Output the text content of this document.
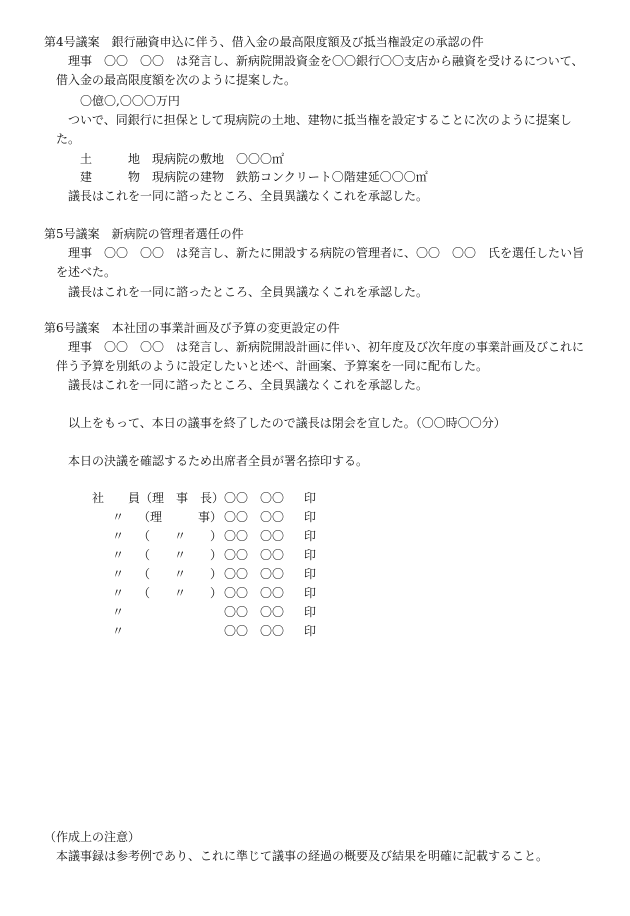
第4号議案　銀行融資申込に伴う、借入金の最高限度額及び抵当権設定の承認の件
理事　〇〇　〇〇　は発言し、新病院開設資金を〇〇銀行〇〇支店から融資を受けるについて、
借入金の最高限度額を次のように提案した。
〇億〇,〇〇〇万円
ついで、同銀行に担保として現病院の土地、建物に抵当権を設定することに次のように提案し
た。
土　　　地　現病院の敷地　〇〇〇㎡
建　　　物　現病院の建物　鉄筋コンクリート〇階建延〇〇〇㎡
議長はこれを一同に諮ったところ、全員異議なくこれを承認した。
第5号議案　新病院の管理者選任の件
理事　〇〇　〇〇　は発言し、新たに開設する病院の管理者に、〇〇　〇〇　氏を選任したい旨
を述べた。
議長はこれを一同に諮ったところ、全員異議なくこれを承認した。
第6号議案　本社団の事業計画及び予算の変更設定の件
理事　〇〇　〇〇　は発言し、新病院開設計画に伴い、初年度及び次年度の事業計画及びこれに
伴う予算を別紙のように設定したいと述べ、計画案、予算案を一同に配布した。
議長はこれを一同に諮ったところ、全員異議なくこれを承認した。
以上をもって、本日の議事を終了したので議長は閉会を宣した。（〇〇時〇〇分）
本日の決議を確認するため出席者全員が署名捺印する。
社　　員（理　事　長） 〇〇　〇〇 印
〃 （理　　　事） 〇〇　〇〇 印
〃 （　　〃　　） 〇〇　〇〇 印
〃 （　　〃　　） 〇〇　〇〇 印
〃 （　　〃　　） 〇〇　〇〇 印
〃 （　　〃　　） 〇〇　〇〇 印
〃	〇〇　〇〇 印
〃	〇〇　〇〇 印
（作成上の注意）
本議事録は参考例であり、これに準じて議事の経過の概要及び結果を明確に記載すること。
